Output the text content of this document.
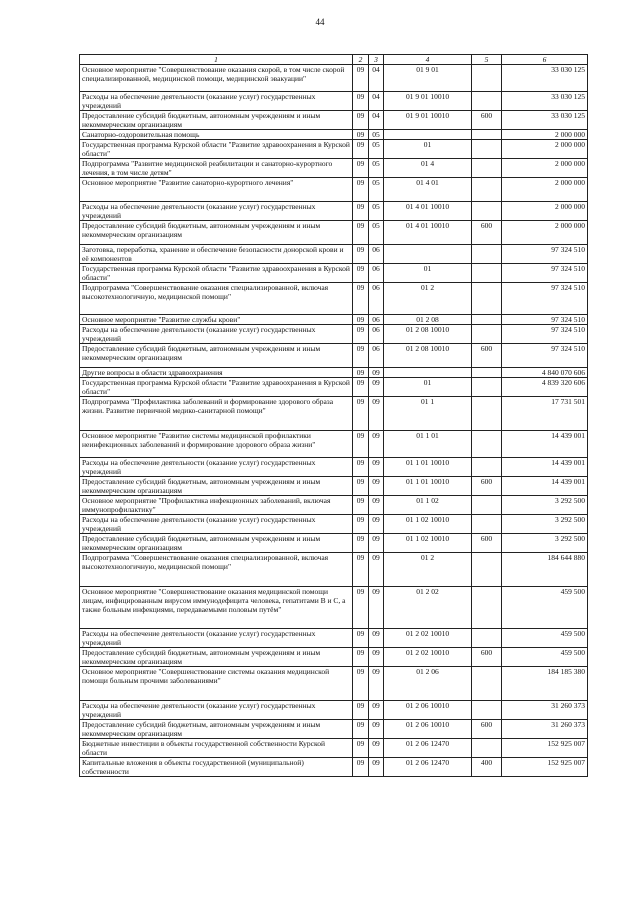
44
1	2	3	4	5	6
Основное мероприятие "Совершенствование оказания скорой, в том числе скорой специализированной, медицинской помощи, медицинской эвакуации"	09	04	01 9 01		33 030 125
Расходы на обеспечение деятельности (оказание услуг) государственных учреждений	09	04	01 9 01 10010		33 030 125
Предоставление субсидий бюджетным, автономным учреждениям и иным некоммерческим организациям	09	04	01 9 01 10010	600	33 030 125
Санаторно-оздоровительная помощь	09	05			2 000 000
Государственная программа Курской области "Развитие здравоохранения в Курской области"	09	05	01		2 000 000
Подпрограмма "Развитие медицинской реабилитации и санаторно-курортного лечения, в том числе детям"	09	05	01 4		2 000 000
Основное мероприятие "Развитие санаторно-курортного лечения"	09	05	01 4 01		2 000 000
Расходы на обеспечение деятельности (оказание услуг) государственных учреждений	09	05	01 4 01 10010		2 000 000
Предоставление субсидий бюджетным, автономным учреждениям и иным некоммерческим организациям	09	05	01 4 01 10010	600	2 000 000
Заготовка, переработка, хранение и обеспечение безопасности донорской крови и её компонентов	09	06			97 324 510
Государственная программа Курской области "Развитие здравоохранения в Курской области"	09	06	01		97 324 510
Подпрограмма "Совершенствование оказания специализированной, включая высокотехнологичную, медицинской помощи"	09	06	01 2		97 324 510
Основное мероприятие "Развитие службы крови"	09	06	01 2 08		97 324 510
Расходы на обеспечение деятельности (оказание услуг) государственных учреждений	09	06	01 2 08 10010		97 324 510
Предоставление субсидий бюджетным, автономным учреждениям и иным некоммерческим организациям	09	06	01 2 08 10010	600	97 324 510
Другие вопросы в области здравоохранения	09	09			4 840 070 606
Государственная программа Курской области "Развитие здравоохранения в Курской области"	09	09	01		4 839 320 606
Подпрограмма "Профилактика заболеваний и формирование здорового образа жизни. Развитие первичной медико-санитарной помощи"	09	09	01 1		17 731 501
Основное мероприятие "Развитие системы медицинской профилактики неинфекционных заболеваний и формирование здорового образа жизни"	09	09	01 1 01		14 439 001
Расходы на обеспечение деятельности (оказание услуг) государственных учреждений	09	09	01 1 01 10010		14 439 001
Предоставление субсидий бюджетным, автономным учреждениям и иным некоммерческим организациям	09	09	01 1 01 10010	600	14 439 001
Основное мероприятие "Профилактика инфекционных заболеваний, включая иммунопрофилактику"	09	09	01 1 02		3 292 500
Расходы на обеспечение деятельности (оказание услуг) государственных учреждений	09	09	01 1 02 10010		3 292 500
Предоставление субсидий бюджетным, автономным учреждениям и иным некоммерческим организациям	09	09	01 1 02 10010	600	3 292 500
Подпрограмма "Совершенствование оказания специализированной, включая высокотехнологичную, медицинской помощи"	09	09	01 2		184 644 880
Основное мероприятие "Совершенствование оказания медицинской помощи лицам, инфицированным вирусом иммунодефицита человека, гепатитами В и С, а также больным инфекциями, передаваемыми половым путём"	09	09	01 2 02		459 500
Расходы на обеспечение деятельности (оказание услуг) государственных учреждений	09	09	01 2 02 10010		459 500
Предоставление субсидий бюджетным, автономным учреждениям и иным некоммерческим организациям	09	09	01 2 02 10010	600	459 500
Основное мероприятие "Совершенствование системы оказания медицинской помощи больным прочими заболеваниями"	09	09	01 2 06		184 185 380
Расходы на обеспечение деятельности (оказание услуг) государственных учреждений	09	09	01 2 06 10010		31 260 373
Предоставление субсидий бюджетным, автономным учреждениям и иным некоммерческим организациям	09	09	01 2 06 10010	600	31 260 373
Бюджетные инвестиции в объекты государственной собственности Курской области	09	09	01 2 06 12470		152 925 007
Капитальные вложения в объекты государственной (муниципальной) собственности	09	09	01 2 06 12470	400	152 925 007
